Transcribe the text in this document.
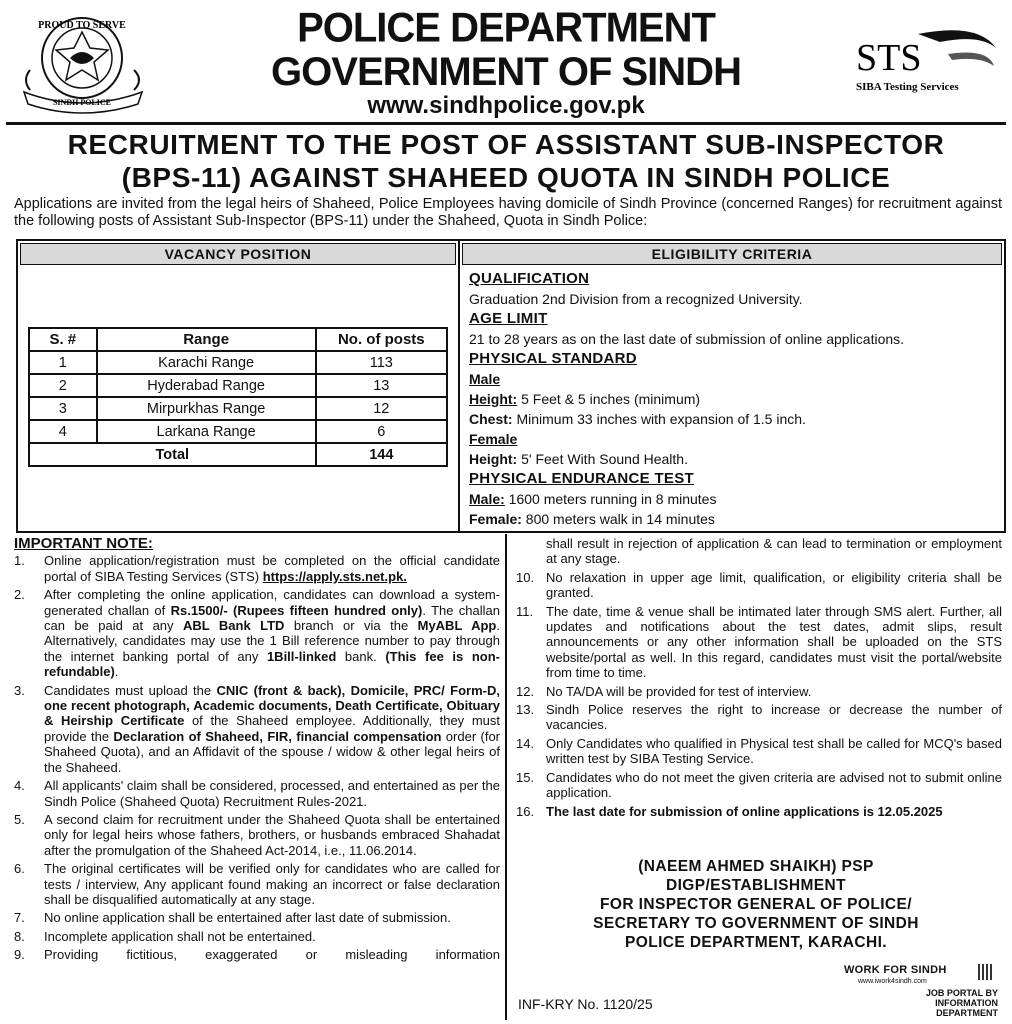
PROUD TO SERVE
SINDH POLICE
POLICE DEPARTMENT
GOVERNMENT OF SINDH
www.sindhpolice.gov.pk
STS
SIBA Testing Services
RECRUITMENT TO THE POST OF ASSISTANT SUB-INSPECTOR
(BPS-11) AGAINST SHAHEED QUOTA IN SINDH POLICE
Applications are invited from the legal heirs of Shaheed, Police Employees having domicile of Sindh Province (concerned Ranges) for recruitment against the following posts of Assistant Sub-Inspector (BPS-11) under the Shaheed, Quota in Sindh Police:
VACANCY POSITION
S. #	Range	No. of posts
1	Karachi Range	113
2	Hyderabad Range	13
3	Mirpurkhas Range	12
4	Larkana Range	6
Total		144
ELIGIBILITY CRITERIA
QUALIFICATION
Graduation 2nd Division from a recognized University.
AGE LIMIT
21 to 28 years as on the last date of submission of online applications.
PHYSICAL STANDARD
Male
Height: 5 Feet & 5 inches (minimum)
Chest: Minimum 33 inches with expansion of 1.5 inch.
Female
Height: 5' Feet With Sound Health.
PHYSICAL ENDURANCE TEST
Male: 1600 meters running in 8 minutes
Female: 800 meters walk in 14 minutes
IMPORTANT NOTE:
1.	Online application/registration must be completed on the official candidate portal of SIBA Testing Services (STS) https://apply.sts.net.pk.
2.	After completing the online application, candidates can download a system-generated challan of Rs.1500/- (Rupees fifteen hundred only). The challan can be paid at any ABL Bank LTD branch or via the MyABL App. Alternatively, candidates may use the 1 Bill reference number to pay through the internet banking portal of any 1Bill-linked bank. (This fee is non-refundable).
3.	Candidates must upload the CNIC (front & back), Domicile, PRC/ Form-D, one recent photograph, Academic documents, Death Certificate, Obituary & Heirship Certificate of the Shaheed employee. Additionally, they must provide the Declaration of Shaheed, FIR, financial compensation order (for Shaheed Quota), and an Affidavit of the spouse / widow & other legal heirs of the Shaheed.
4.	All applicants' claim shall be considered, processed, and entertained as per the Sindh Police (Shaheed Quota) Recruitment Rules-2021.
5.	A second claim for recruitment under the Shaheed Quota shall be entertained only for legal heirs whose fathers, brothers, or husbands embraced Shahadat after the promulgation of the Shaheed Act-2014, i.e., 11.06.2014.
6.	The original certificates will be verified only for candidates who are called for tests / interview, Any applicant found making an incorrect or false declaration shall be disqualified automatically at any stage.
7.	No online application shall be entertained after last date of submission.
8.	Incomplete application shall not be entertained.
9.	Providing fictitious, exaggerated or misleading information
shall result in rejection of application & can lead to termination or employment at any stage.
10. No relaxation in upper age limit, qualification, or eligibility criteria shall be granted.
11. The date, time & venue shall be intimated later through SMS alert. Further, all updates and notifications about the test dates, admit slips, result announcements or any other information shall be uploaded on the STS website/portal as well. In this regard, candidates must visit the portal/website from time to time.
12. No TA/DA will be provided for test of interview.
13. Sindh Police reserves the right to increase or decrease the number of vacancies.
14. Only Candidates who qualified in Physical test shall be called for MCQ's based written test by SIBA Testing Service.
15. Candidates who do not meet the given criteria are advised not to submit online application.
16. The last date for submission of online applications is 12.05.2025
(NAEEM AHMED SHAIKH) PSP
DIGP/ESTABLISHMENT
FOR INSPECTOR GENERAL OF POLICE/
SECRETARY TO GOVERNMENT OF SINDH
POLICE DEPARTMENT, KARACHI.
INF-KRY No. 1120/25
WORK FOR SINDH
www.iwork4sindh.com
JOB PORTAL BY
INFORMATION DEPARTMENT
